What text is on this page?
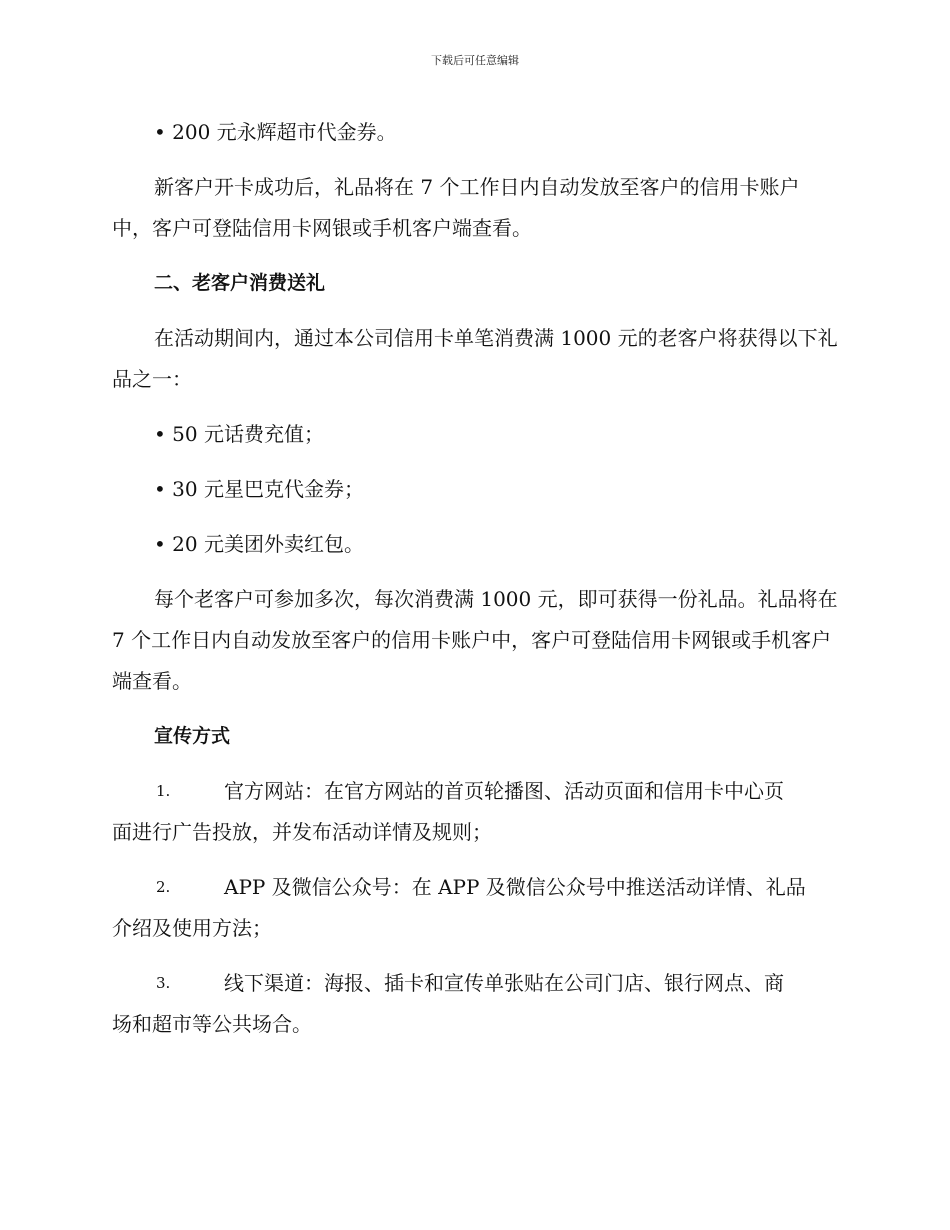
下载后可任意编辑

• 200 元永辉超市代金券。

新客户开卡成功后，礼品将在 7 个工作日内自动发放至客户的信用卡账户中，客户可登陆信用卡网银或手机客户端查看。

二、老客户消费送礼

在活动期间内，通过本公司信用卡单笔消费满 1000 元的老客户将获得以下礼品之一：

• 50 元话费充值；

• 30 元星巴克代金券；

• 20 元美团外卖红包。

每个老客户可参加多次，每次消费满 1000 元，即可获得一份礼品。礼品将在 7 个工作日内自动发放至客户的信用卡账户中，客户可登陆信用卡网银或手机客户端查看。

宣传方式

1.	官方网站：在官方网站的首页轮播图、活动页面和信用卡中心页
面进行广告投放，并发布活动详情及规则；
2.	APP 及微信公众号：在 APP 及微信公众号中推送活动详情、礼品
介绍及使用方法；
3.	线下渠道：海报、插卡和宣传单张贴在公司门店、银行网点、商
场和超市等公共场合。
